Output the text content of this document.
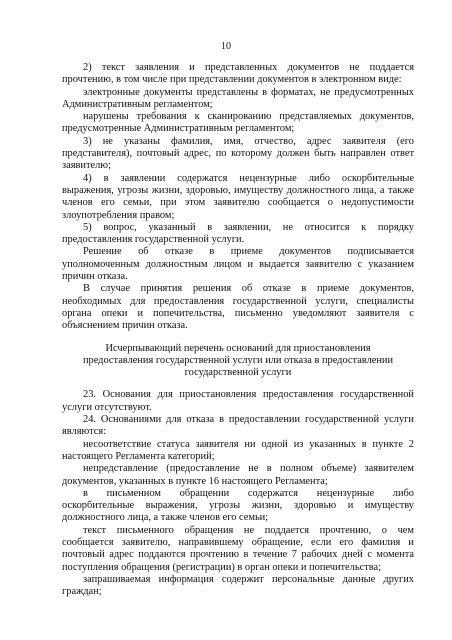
10
2) текст заявления и представленных документов не поддается
прочтению, в том числе при представлении документов в электронном виде:
электронные документы представлены в форматах, не предусмотренных
Административным регламентом;
нарушены требования к сканированию представляемых документов,
предусмотренные Административным регламентом;
3) не указаны фамилия, имя, отчество, адрес заявителя (его
представителя), почтовый адрес, по которому должен быть направлен ответ
заявителю;
4) в заявлении содержатся нецензурные либо оскорбительные
выражения, угрозы жизни, здоровью, имуществу должностного лица, а также
членов его семьи, при этом заявителю сообщается о недопустимости
злоупотребления правом;
5) вопрос, указанный в заявлении, не относится к порядку
предоставления государственной услуги.
Решение об отказе в приеме документов подписывается
уполномоченным должностным лицом и выдается заявителю с указанием
причин отказа.
В случае принятия решения об отказе в приеме документов,
необходимых для предоставления государственной услуги, специалисты
органа опеки и попечительства, письменно уведомляют заявителя с
объяснением причин отказа.
Исчерпывающий перечень оснований для приостановления
предоставления государственной услуги или отказа в предоставлении
государственной услуги
23. Основания для приостановления предоставления государственной
услуги отсутствуют.
24. Основаниями для отказа в предоставлении государственной услуги
являются:
несоответствие статуса заявителя ни одной из указанных в пункте 2
настоящего Регламента категорий;
непредставление (предоставление не в полном объеме) заявителем
документов, указанных в пункте 16 настоящего Регламента;
в письменном обращении содержатся нецензурные либо
оскорбительные выражения, угрозы жизни, здоровью и имуществу
должностного лица, а также членов его семьи;
текст письменного обращения не поддается прочтению, о чем
сообщается заявителю, направившему обращение, если его фамилия и
почтовый адрес поддаются прочтению в течение 7 рабочих дней с момента
поступления обращения (регистрации) в орган опеки и попечительства;
запрашиваемая информация содержит персональные данные других
граждан;
